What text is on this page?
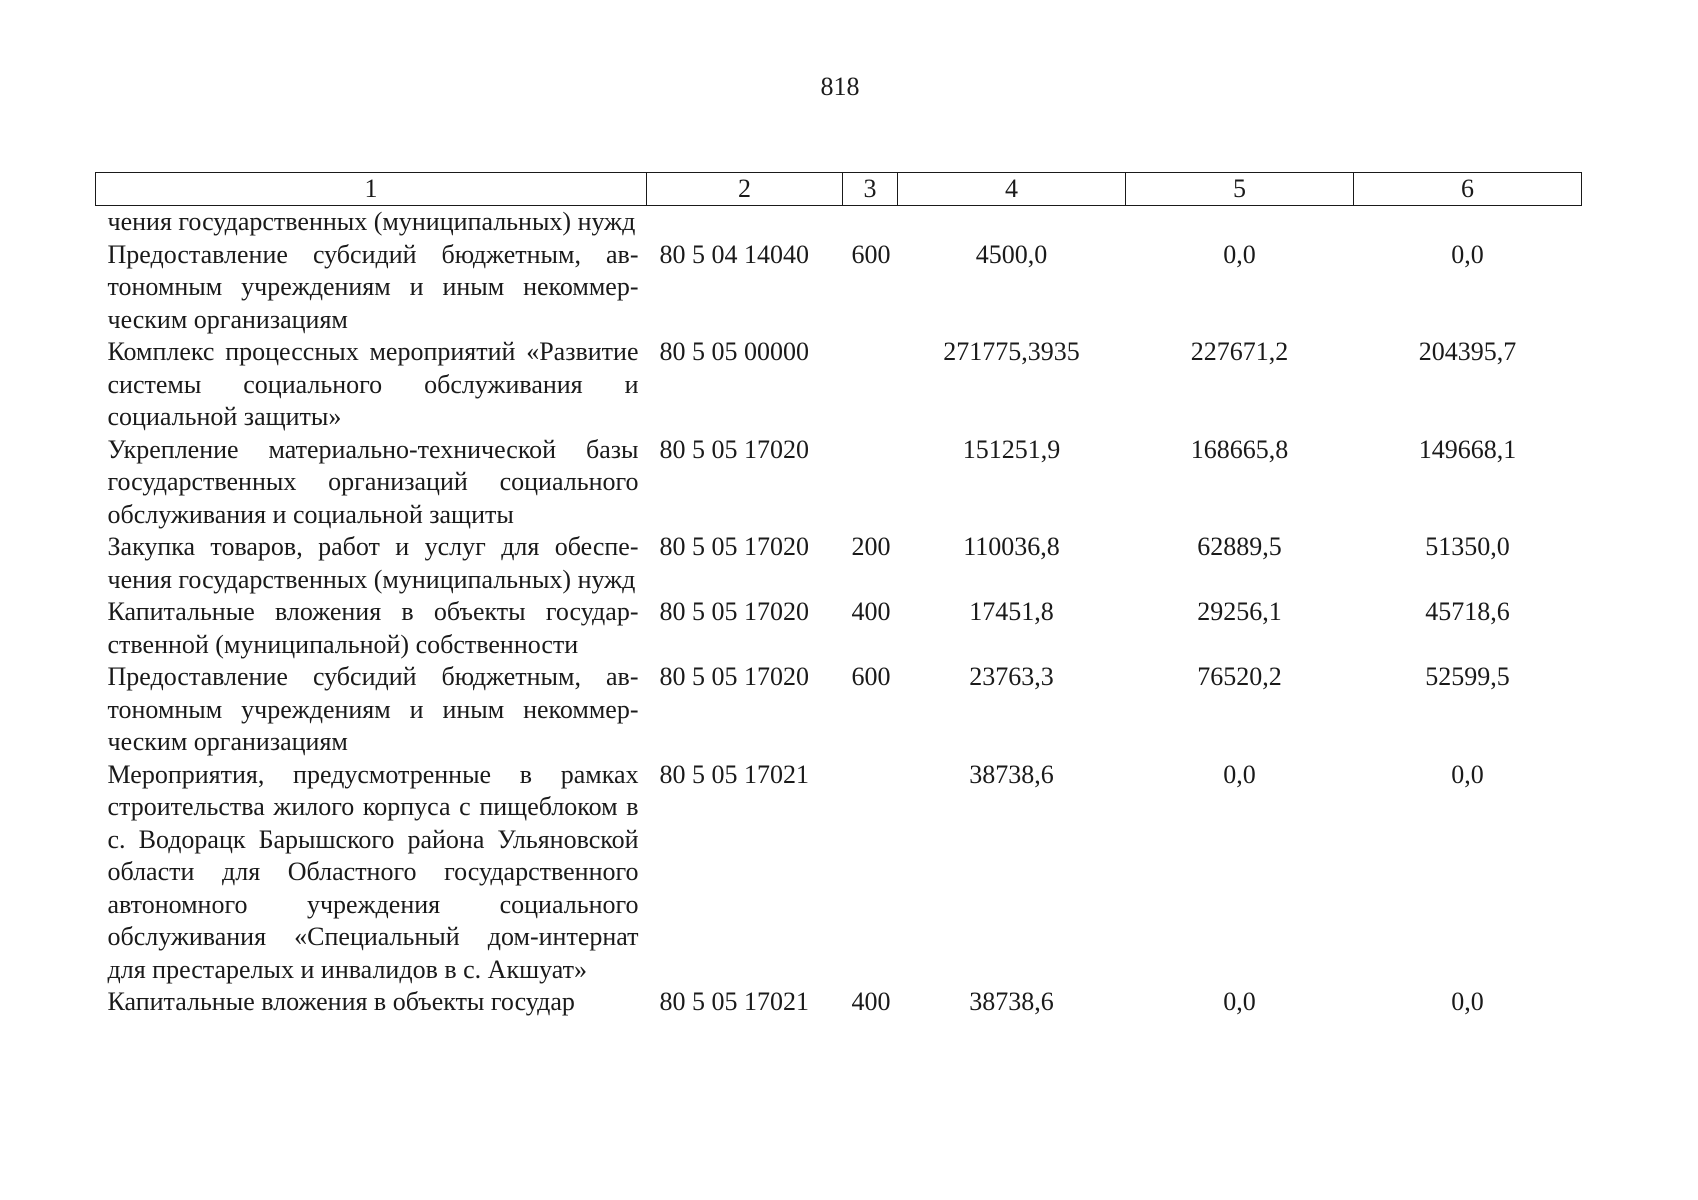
818
1	2	3	4	5	6
чения государственных (муниципальных) нужд					
Предоставление субсидий бюджетным, автономным учреждениям и иным некоммерческим организациям	80 5 04 14040	600	4500,0	0,0	0,0
Комплекс процессных мероприятий «Развитие системы социального обслуживания и социальной защиты»	80 5 05 00000		271775,3935	227671,2	204395,7
Укрепление материально-технической базы государственных организаций социального обслуживания и социальной защиты	80 5 05 17020		151251,9	168665,8	149668,1
Закупка товаров, работ и услуг для обеспечения государственных (муниципальных) нужд	80 5 05 17020	200	110036,8	62889,5	51350,0
Капитальные вложения в объекты государственной (муниципальной) собственности	80 5 05 17020	400	17451,8	29256,1	45718,6
Предоставление субсидий бюджетным, автономным учреждениям и иным некоммерческим организациям	80 5 05 17020	600	23763,3	76520,2	52599,5
Мероприятия, предусмотренные в рамках строительства жилого корпуса с пищеблоком в с. Водорацк Барышского района Ульяновской области для Областного государственного автономного учреждения социального обслуживания «Специальный дом-интернат для престарелых и инвалидов в с. Акшуат»	80 5 05 17021		38738,6	0,0	0,0
Капитальные вложения в объекты государ	80 5 05 17021	400	38738,6	0,0	0,0
